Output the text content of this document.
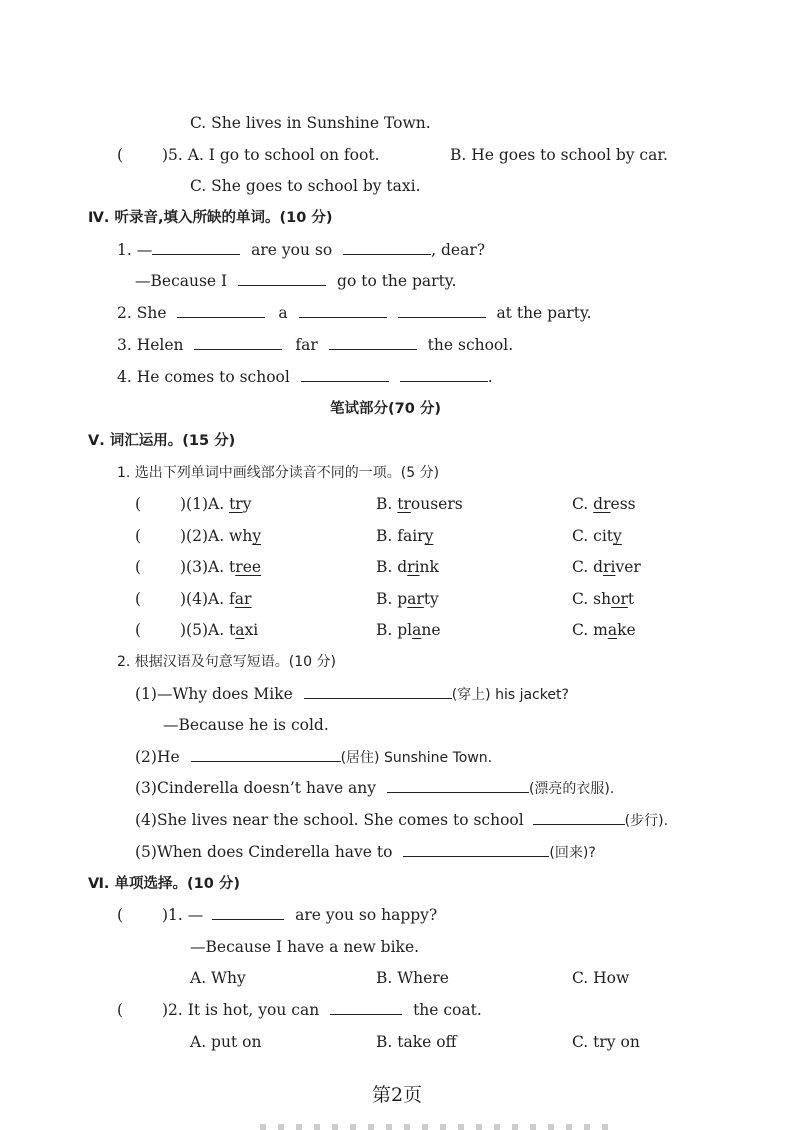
C. She lives in Sunshine Town.
(	)5. A. I go to school on foot.	B. He goes to school by car.
C. She goes to school by taxi.
Ⅳ. 听录音,填入所缺的单词。(10 分)
1. —	are you so	, dear?
—Because I	go to the party.
2. She	a	at the party.
3. Helen	far	the school.
4. He comes to school	.
笔试部分(70 分)
Ⅴ. 词汇运用。(15 分)
1. 选出下列单词中画线部分读音不同的一项。(5 分)
(	)(1)A. try	B. trousers	C. dress
(	)(2)A. why	B. fairy	C. city
(	)(3)A. tree	B. drink	C. driver
(	)(4)A. far	B. party	C. short
(	)(5)A. taxi	B. plane	C. make
2. 根据汉语及句意写短语。(10 分)
(1)—Why does Mike	(穿上) his jacket?
—Because he is cold.
(2)He	(居住) Sunshine Town.
(3)Cinderella doesn’t have any	(漂亮的衣服).
(4)She lives near the school. She comes to school	(步行).
(5)When does Cinderella have to	(回来)?
Ⅵ. 单项选择。(10 分)
(	)1. —	are you so happy?
—Because I have a new bike.
A. Why	B. Where	C. How
(	)2. It is hot, you can	the coat.
A. put on	B. take off	C. try on
第2页
